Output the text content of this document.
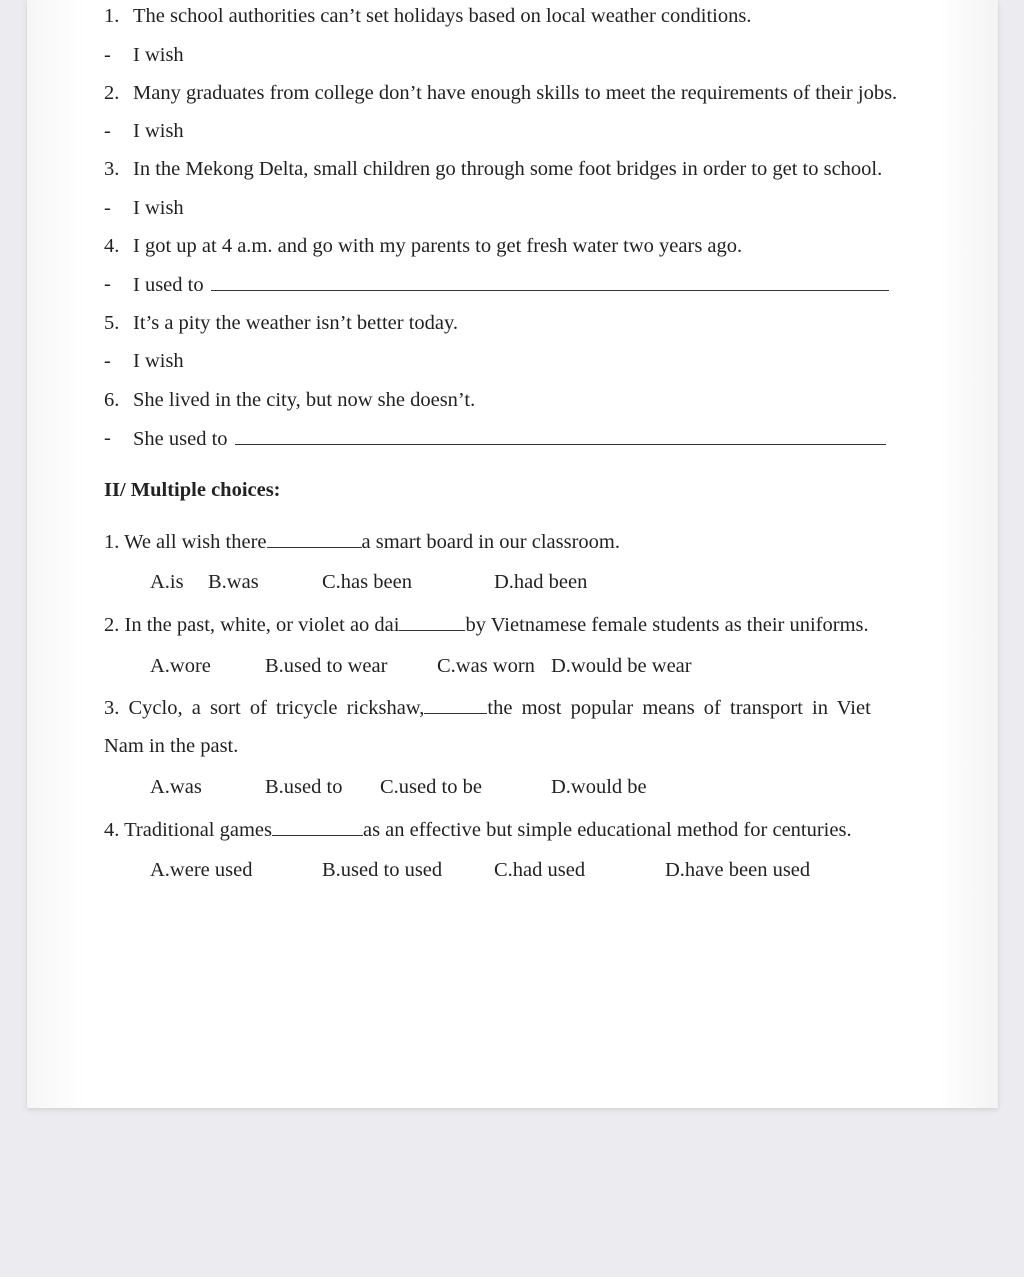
1. The school authorities can’t set holidays based on local weather conditions.
- I wish
2. Many graduates from college don’t have enough skills to meet the requirements of their jobs.
- I wish
3. In the Mekong Delta, small children go through some foot bridges in order to get to school.
- I wish
4. I got up at 4 a.m. and go with my parents to get fresh water two years ago.
- I used to
5. It’s a pity the weather isn’t better today.
- I wish
6. She lived in the city, but now she doesn’t.
- She used to
II/ Multiple choices:
1. We all wish there	a smart board in our classroom.
A.is B.was	C.has been	D.had been
2. In the past, white, or violet ao dai	by Vietnamese female students as their uniforms.
A.wore	B.used to wear C.was worn D.would be wear
3. Cyclo, a sort of tricycle rickshaw,	the most popular means of transport in Viet
Nam in the past.
A.was	B.used to C.used to be	D.would be
4. Traditional games	as an effective but simple educational method for centuries.
A.were used	B.used to used	C.had used	D.have been used
